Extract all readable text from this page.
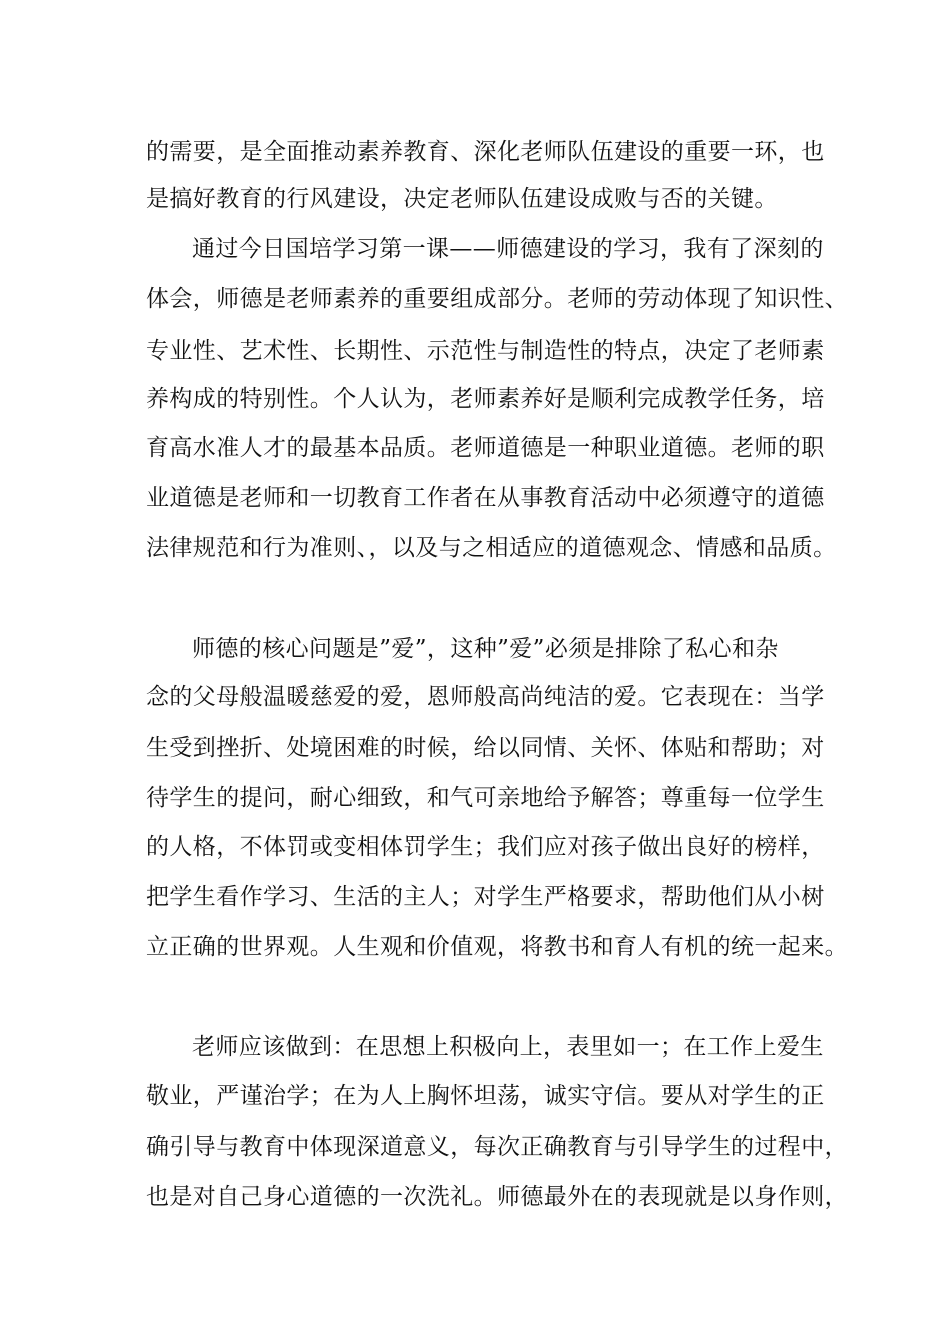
的需要，是全面推动素养教育、深化老师队伍建设的重要一环，也
是搞好教育的行风建设，决定老师队伍建设成败与否的关键。
通过今日国培学习第一课——师德建设的学习，我有了深刻的
体会，师德是老师素养的重要组成部分。老师的劳动体现了知识性、
专业性、艺术性、长期性、示范性与制造性的特点，决定了老师素
养构成的特别性。个人认为，老师素养好是顺利完成教学任务，培
育高水准人才的最基本品质。老师道德是一种职业道德。老师的职
业道德是老师和一切教育工作者在从事教育活动中必须遵守的道德
法律规范和行为准则、，以及与之相适应的道德观念、情感和品质。
师德的核心问题是”爱”，这种”爱”必须是排除了私心和杂
念的父母般温暖慈爱的爱，恩师般高尚纯洁的爱。它表现在：当学
生受到挫折、处境困难的时候，给以同情、关怀、体贴和帮助；对
待学生的提问，耐心细致，和气可亲地给予解答；尊重每一位学生
的人格，不体罚或变相体罚学生；我们应对孩子做出良好的榜样，
把学生看作学习、生活的主人；对学生严格要求，帮助他们从小树
立正确的世界观。人生观和价值观，将教书和育人有机的统一起来。
老师应该做到：在思想上积极向上，表里如一；在工作上爱生
敬业，严谨治学；在为人上胸怀坦荡，诚实守信。要从对学生的正
确引导与教育中体现深道意义，每次正确教育与引导学生的过程中，
也是对自己身心道德的一次洗礼。师德最外在的表现就是以身作则，
